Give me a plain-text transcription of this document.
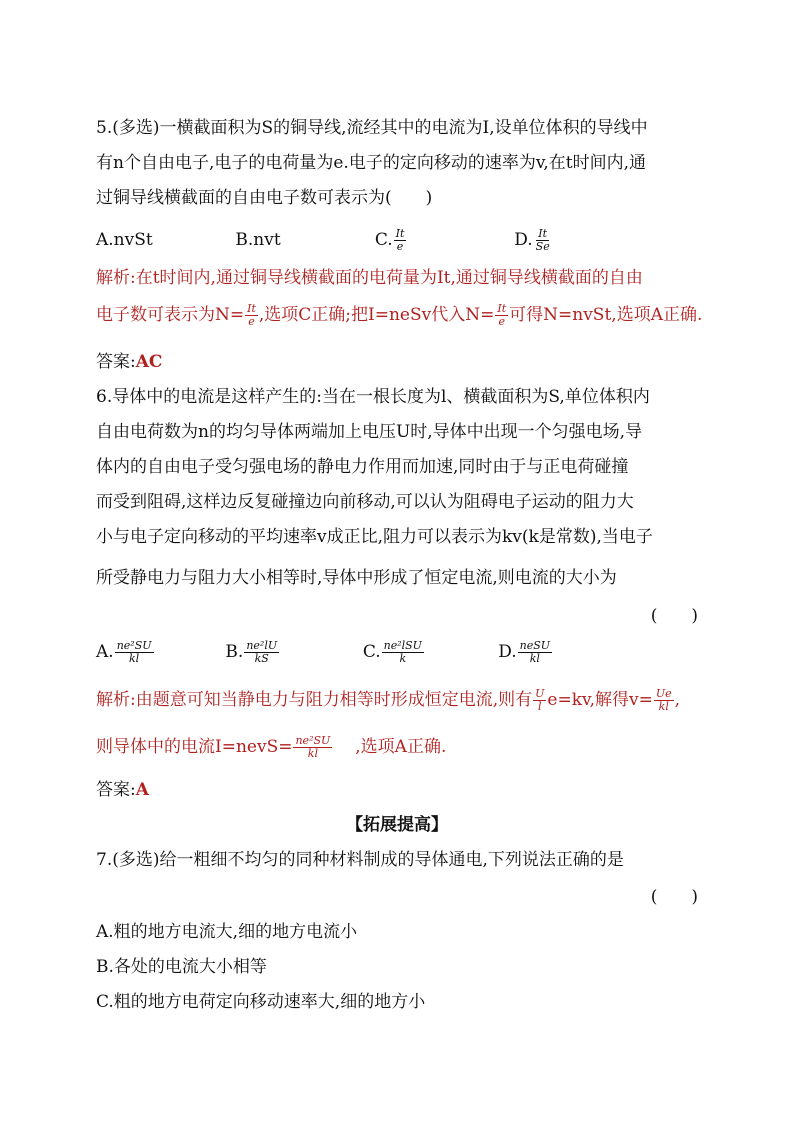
5.(多选)一横截面积为S的铜导线,流经其中的电流为I,设单位体积的导线中
有n个自由电子,电子的电荷量为e.电子的定向移动的速率为v,在t时间内,通
过铜导线横截面的自由电子数可表示为(　　)
A.nvSt	B.nvt	C. $\frac{It}{e}$	D. $\frac{It}{Se}$
解析:在t时间内,通过铜导线横截面的电荷量为It,通过铜导线横截面的自由
电子数可表示为$N= \frac{It}{e}$ ,选项C正确;把I=neSv代入$N= \frac{It}{e}$ 可得N=nvSt,选项A正确.
答案:AC
6.导体中的电流是这样产生的:当在一根长度为l、横截面积为S,单位体积内
自由电荷数为n的均匀导体两端加上电压U时,导体中出现一个匀强电场,导
体内的自由电子受匀强电场的静电力作用而加速,同时由于与正电荷碰撞
而受到阻碍,这样边反复碰撞边向前移动,可以认为阻碍电子运动的阻力大
小与电子定向移动的平均速率v成正比,阻力可以表示为kv(k是常数),当电子
所受静电力与阻力大小相等时,导体中形成了恒定电流,则电流的大小为
(　　)
A. $\frac{\text{ne²SU}}{kl}$	B. $\frac{\text{ne²lU}}{kS}$	C. $\frac{\text{ne²lSU}}{k}$	D. $\frac{\text{neSU}}{kl}$
解析:由题意可知当静电力与阻力相等时形成恒定电流,则有 $\frac{U}{l} e=kv$,解得$v= \frac{Ue}{kl}$ ,
则导体中的电流I=nevS= $\frac{\text{ne²SU}}{kl}$ ,选项A正确.
答案:A
【拓展提高】
7.(多选)给一粗细不均匀的同种材料制成的导体通电,下列说法正确的是
(　　)
A.粗的地方电流大,细的地方电流小
B.各处的电流大小相等
C.粗的地方电荷定向移动速率大,细的地方小
